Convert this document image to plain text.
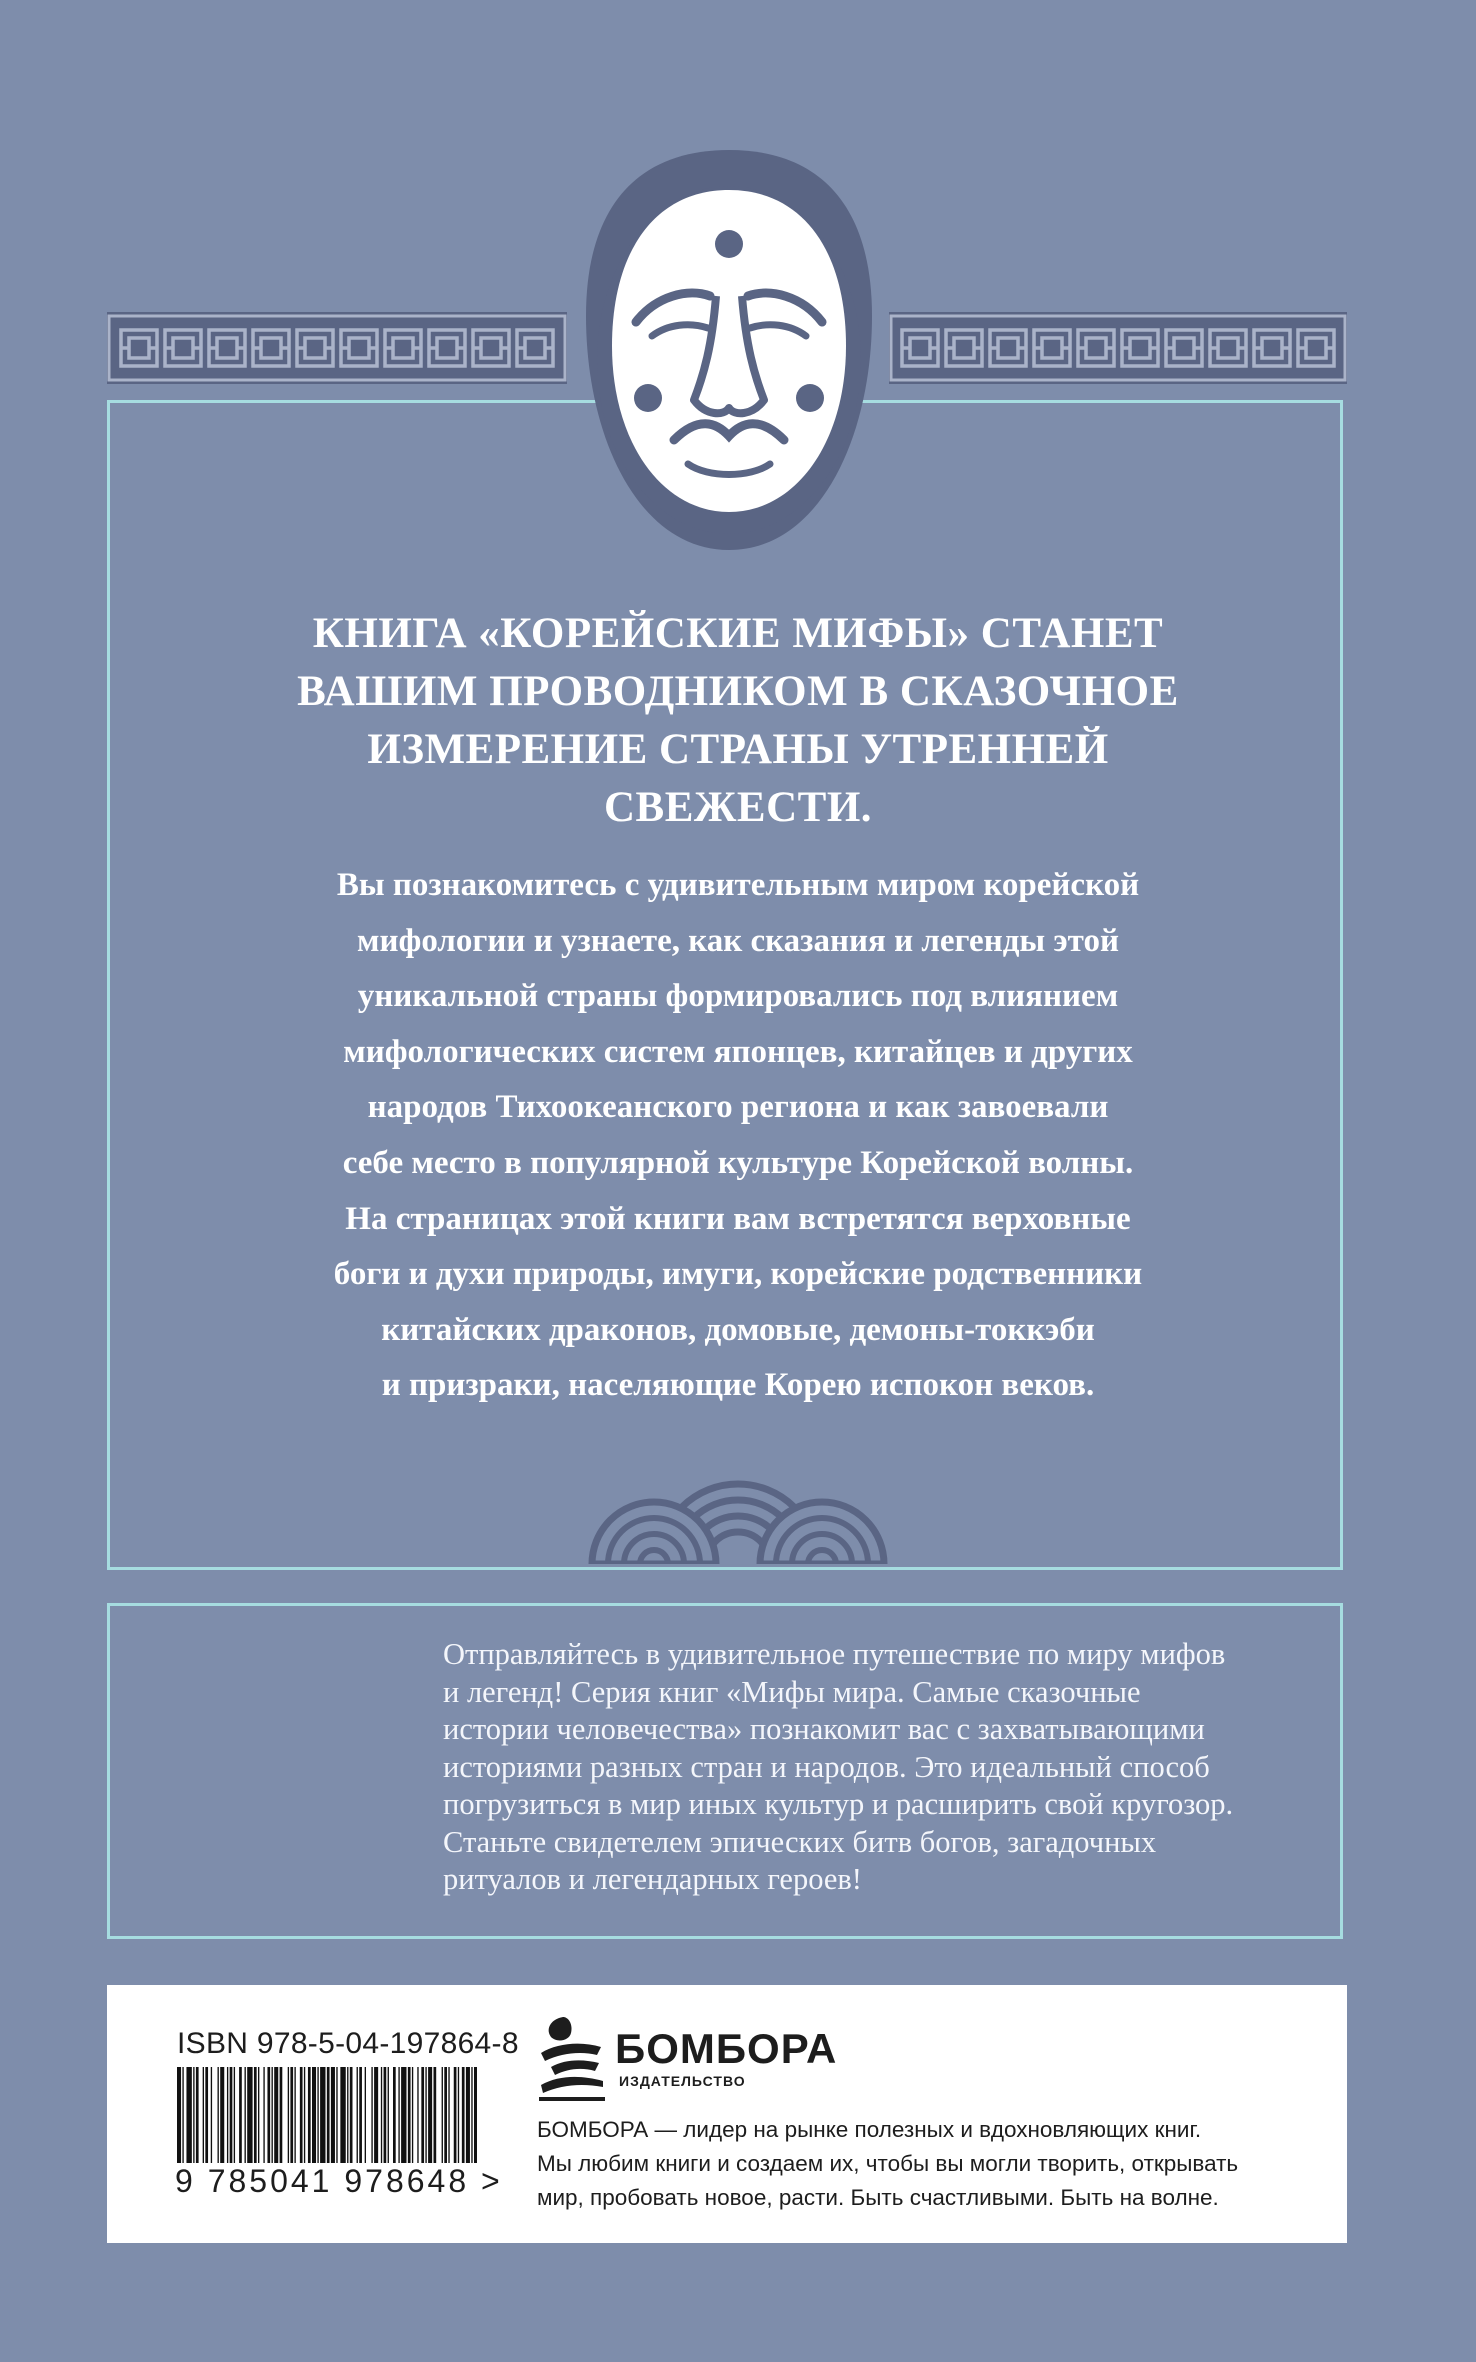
КНИГА «КОРЕЙСКИЕ МИФЫ» СТАНЕТ
ВАШИМ ПРОВОДНИКОМ В СКАЗОЧНОЕ
ИЗМЕРЕНИЕ СТРАНЫ УТРЕННЕЙ
СВЕЖЕСТИ.
Вы познакомитесь с удивительным миром корейской
мифологии и узнаете, как сказания и легенды этой
уникальной страны формировались под влиянием
мифологических систем японцев, китайцев и других
народов Тихоокеанского региона и как завоевали
себе место в популярной культуре Корейской волны.
На страницах этой книги вам встретятся верховные
боги и духи природы, имуги, корейские родственники
китайских драконов, домовые, демоны-токкэби
и призраки, населяющие Корею испокон веков.

Отправляйтесь в удивительное путешествие по миру мифов

и легенд! Серия книг «Мифы мира. Самые сказочные

истории человечества» познакомит вас с захватывающими

историями разных стран и народов. Это идеальный способ

погрузиться в мир иных культур и расширить свой кругозор.

Станьте свидетелем эпических битв богов, загадочных

ритуалов и легендарных героев!

ISBN 978-5-04-197864-8
9 785041 978648 >
БОМБОРА
ИЗДАТЕЛЬСТВО
БОМБОРА — лидер на рынке полезных и вдохновляющих книг.
Мы любим книги и создаем их, чтобы вы могли творить, открывать
мир, пробовать новое, расти. Быть счастливыми. Быть на волне.
